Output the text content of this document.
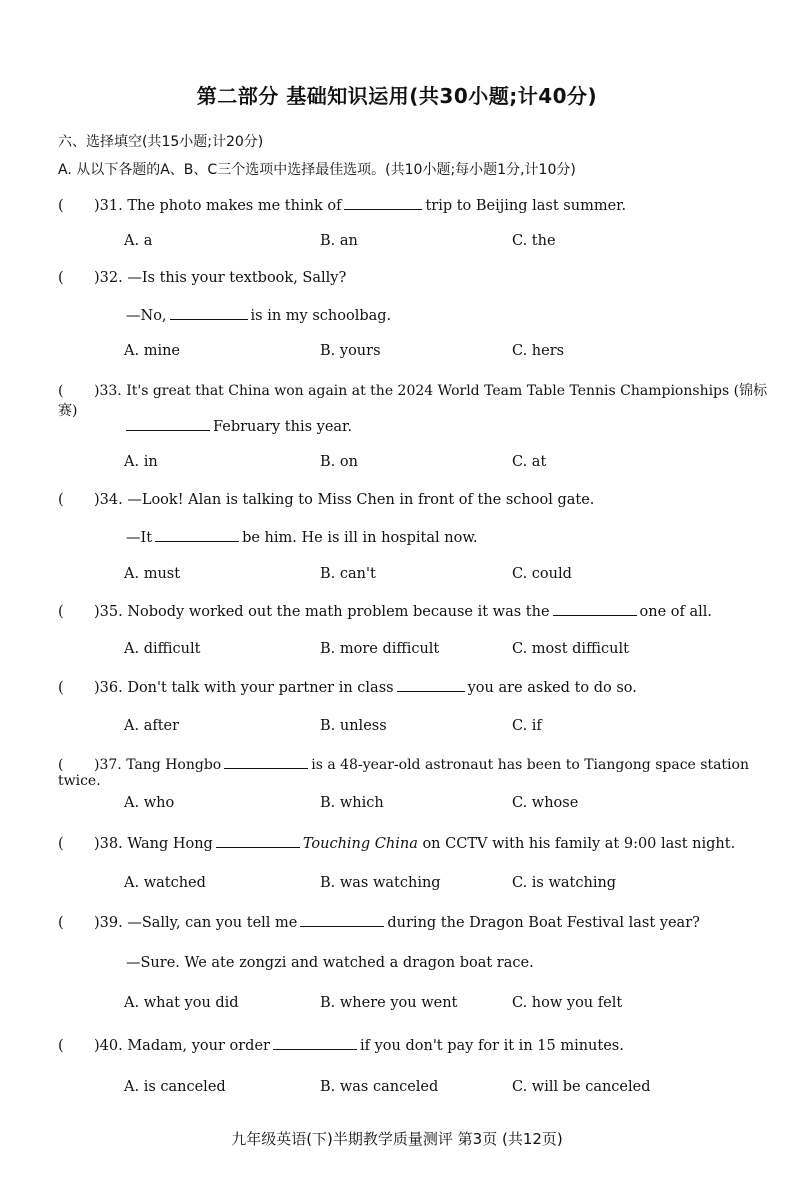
第二部分 基础知识运用(共30小题;计40分)
六、选择填空(共15小题;计20分)
A. 从以下各题的A、B、C三个选项中选择最佳选项。(共10小题;每小题1分,计10分)
( )31. The photo makes me think of	trip to Beijing last summer.
A. a	B. an	C. the
( )32. —Is this your textbook, Sally?
—No,	is in my schoolbag.
A. mine	B. yours	C. hers
( )33. It's great that China won again at the 2024 World Team Table Tennis Championships (锦标赛)
February this year.
A. in	B. on	C. at
( )34. —Look! Alan is talking to Miss Chen in front of the school gate.
—It	be him. He is ill in hospital now.
A. must	B. can't	C. could
( )35. Nobody worked out the math problem because it was the	one of all.
A. difficult	B. more difficult	C. most difficult
( )36. Don't talk with your partner in class	you are asked to do so.
A. after	B. unless	C. if
( )37. Tang Hongbo	is a 48-year-old astronaut has been to Tiangong space station twice.
A. who	B. which	C. whose
( )38. Wang Hong	Touching China on CCTV with his family at 9:00 last night.
A. watched	B. was watching	C. is watching
( )39. —Sally, can you tell me	during the Dragon Boat Festival last year?
—Sure. We ate zongzi and watched a dragon boat race.
A. what you did	B. where you went	C. how you felt
( )40. Madam, your order	if you don't pay for it in 15 minutes.
A. is canceled	B. was canceled	C. will be canceled
九年级英语(下)半期教学质量测评 第3页 (共12页)
